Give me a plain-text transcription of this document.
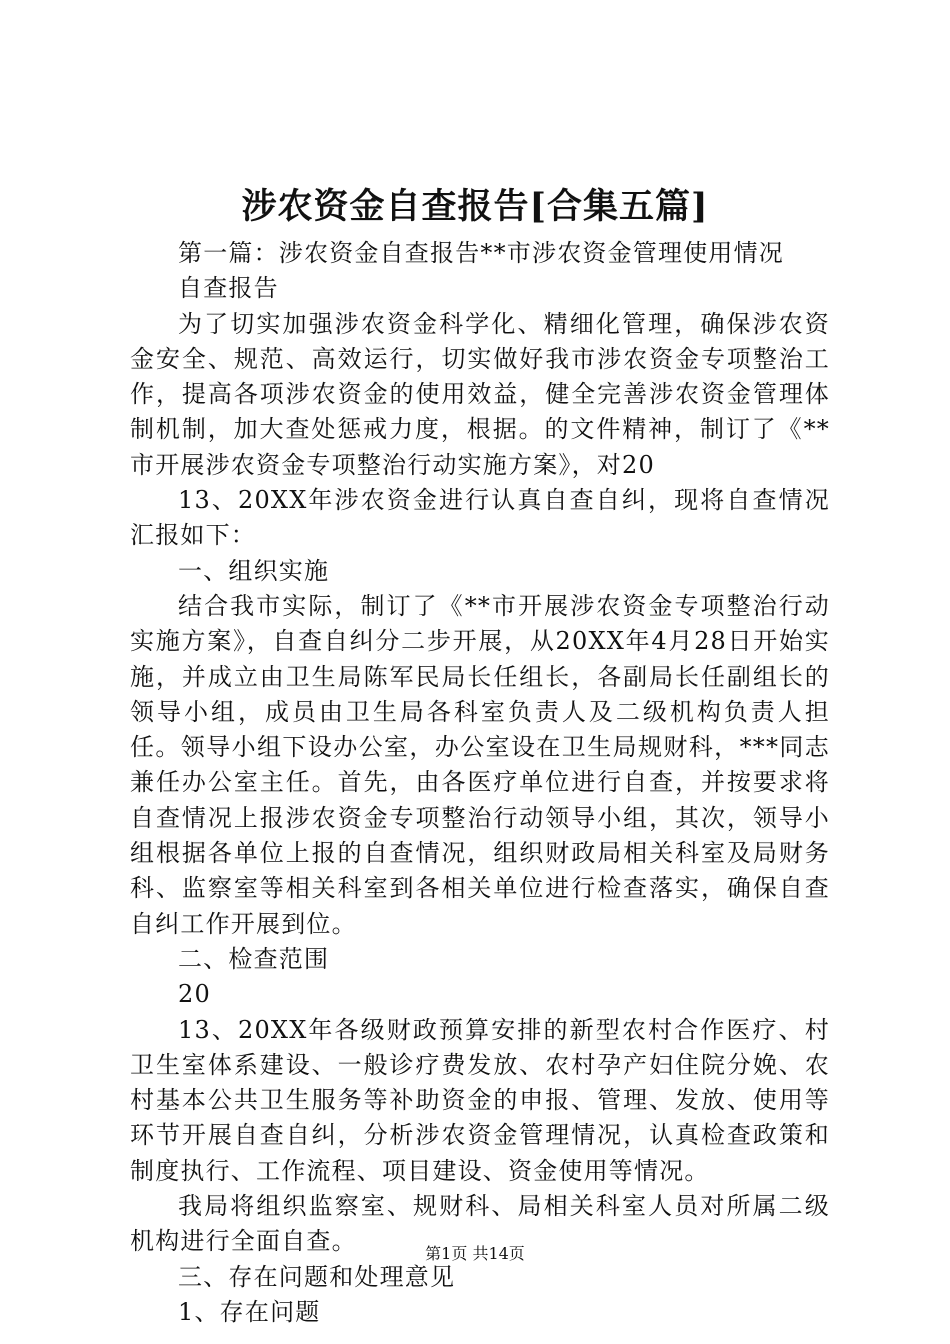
涉农资金自查报告[合集五篇]

第一篇：涉农资金自查报告**市涉农资金管理使用情况

自查报告

为了切实加强涉农资金科学化、精细化管理，确保涉农资金安全、规范、高效运行，切实做好我市涉农资金专项整治工作，提高各项涉农资金的使用效益，健全完善涉农资金管理体制机制，加大查处惩戒力度，根据。的文件精神，制订了《**市开展涉农资金专项整治行动实施方案》，对20

13、20XX年涉农资金进行认真自查自纠，现将自查情况汇报如下：

一、组织实施

结合我市实际，制订了《**市开展涉农资金专项整治行动实施方案》，自查自纠分二步开展，从20XX年4月28日开始实施，并成立由卫生局陈军民局长任组长，各副局长任副组长的领导小组，成员由卫生局各科室负责人及二级机构负责人担任。领导小组下设办公室，办公室设在卫生局规财科，***同志兼任办公室主任。首先，由各医疗单位进行自查，并按要求将自查情况上报涉农资金专项整治行动领导小组，其次，领导小组根据各单位上报的自查情况，组织财政局相关科室及局财务科、监察室等相关科室到各相关单位进行检查落实，确保自查自纠工作开展到位。

二、检查范围

20

13、20XX年各级财政预算安排的新型农村合作医疗、村卫生室体系建设、一般诊疗费发放、农村孕产妇住院分娩、农村基本公共卫生服务等补助资金的申报、管理、发放、使用等环节开展自查自纠，分析涉农资金管理情况，认真检查政策和制度执行、工作流程、项目建设、资金使用等情况。

我局将组织监察室、规财科、局相关科室人员对所属二级机构进行全面自查。

三、存在问题和处理意见

1、存在问题

第1页 共14页
